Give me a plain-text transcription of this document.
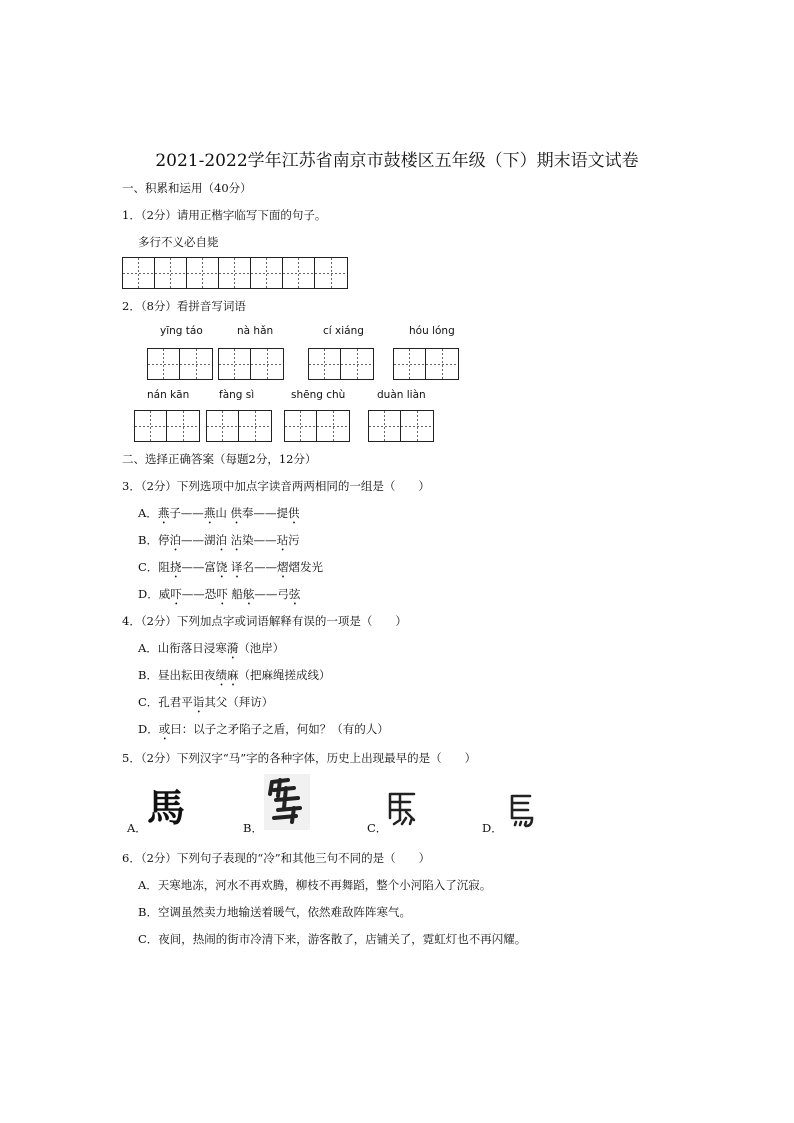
2021-2022学年江苏省南京市鼓楼区五年级（下）期末语文试卷
一、积累和运用（40分）
1．（2分）请用正楷字临写下面的句子。
多行不义必自毙
2．（8分）看拼音写词语
yīng táo	nà hǎn	cí xiáng	hóu lóng
nán kān	fàng sì	shēng chù	duàn liàn
二、选择正确答案（每题2分，12分）
3．（2分）下列选项中加点字读音两两相同的一组是（　　）
A．燕子——燕山 供奉——提供
B．停泊——湖泊 沾染——玷污
C．阻挠——富饶 译名——熠熠发光
D．威吓——恐吓 船舷——弓弦
4．（2分）下列加点字或词语解释有误的一项是（　　）
A．山衔落日浸寒漪（池岸）
B．昼出耘田夜绩麻（把麻绳搓成线）
C．孔君平诣其父（拜访）
D．或曰：以子之矛陷子之盾，何如？（有的人）
5．（2分）下列汉字“马”字的各种字体，历史上出现最早的是（　　）
A． 馬	B．	C．	D．
6．（2分）下列句子表现的“冷”和其他三句不同的是（　　）
A．天寒地冻，河水不再欢腾，柳枝不再舞蹈，整个小河陷入了沉寂。
B．空调虽然卖力地输送着暖气，依然难敌阵阵寒气。
C．夜间，热闹的街市冷清下来，游客散了，店铺关了，霓虹灯也不再闪耀。
